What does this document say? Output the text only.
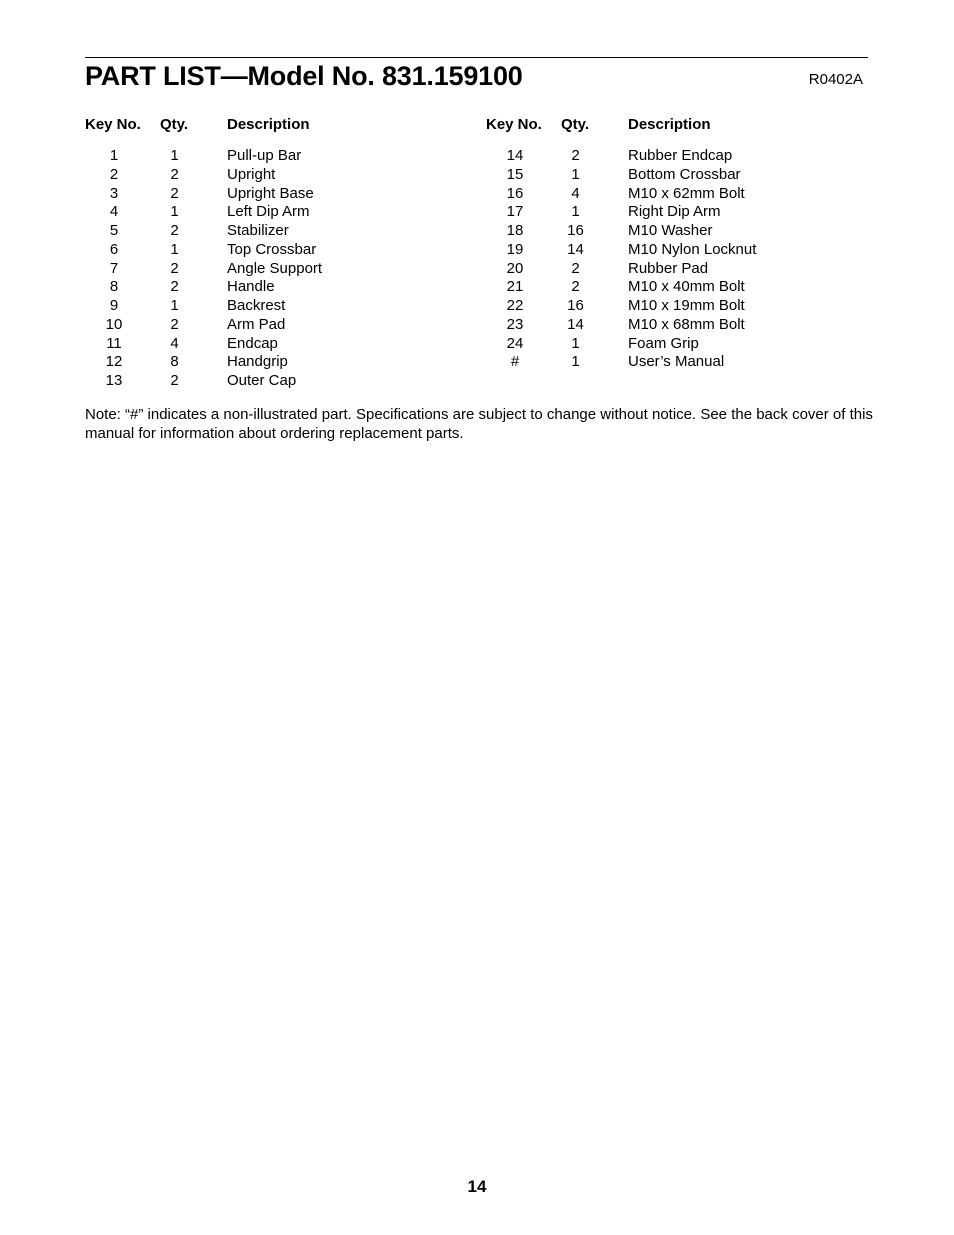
PART LIST—Model No. 831.159100	R0402A
Key No. Qty.	Description
1	1	Pull-up Bar
2	2	Upright
3	2	Upright Base
4	1	Left Dip Arm
5	2	Stabilizer
6	1	Top Crossbar
7	2	Angle Support
8	2	Handle
9	1	Backrest
10	2	Arm Pad
11	4	Endcap
12	8	Handgrip
13	2	Outer Cap
Key No. Qty.	Description
14	2	Rubber Endcap
15	1	Bottom Crossbar
16	4	M10 x 62mm Bolt
17	1	Right Dip Arm
18	16	M10 Washer
19	14	M10 Nylon Locknut
20	2	Rubber Pad
21	2	M10 x 40mm Bolt
22	16	M10 x 19mm Bolt
23	14	M10 x 68mm Bolt
24	1	Foam Grip
#	1	User’s Manual
Note: “#” indicates a non-illustrated part. Specifications are subject to change without notice. See the back cover of this manual for information about ordering replacement parts.
14
